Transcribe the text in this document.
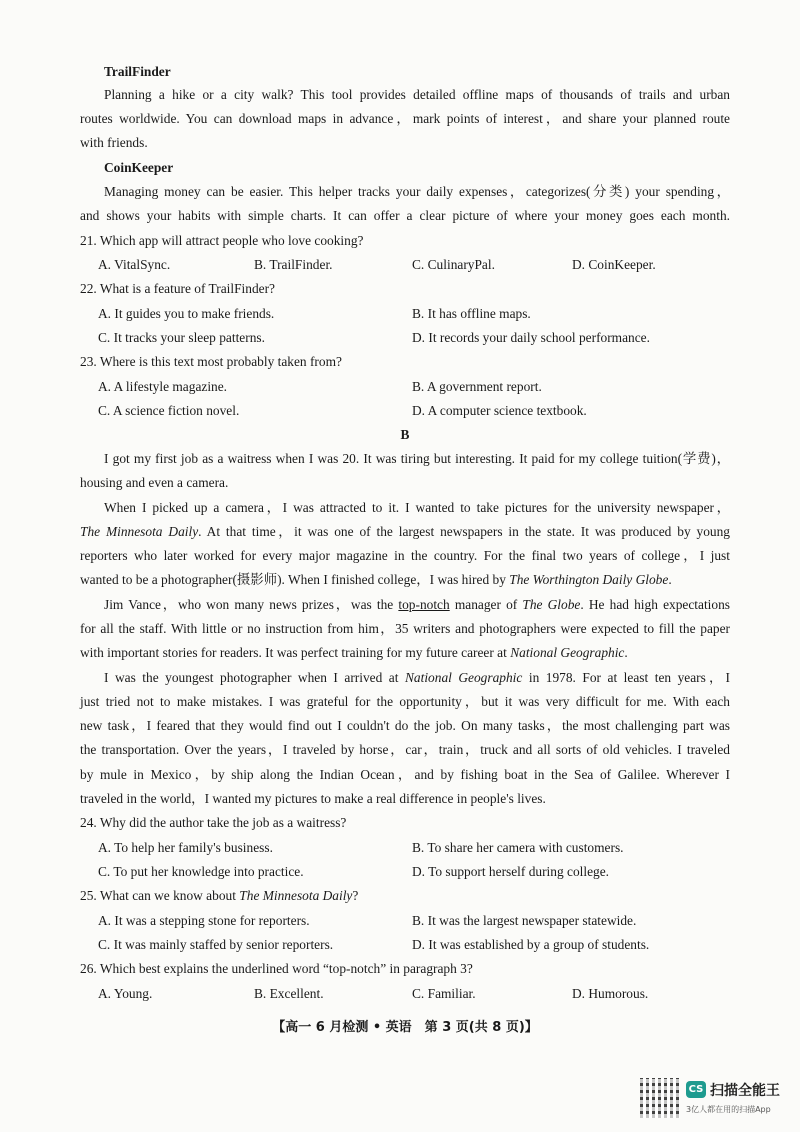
TrailFinder
Planning a hike or a city walk? This tool provides detailed offline maps of thousands of trails and urban
routes worldwide. You can download maps in advance，mark points of interest，and share your planned route
with friends.
CoinKeeper
Managing money can be easier. This helper tracks your daily expenses，categorizes(分类) your spending，
and shows your habits with simple charts. It can offer a clear picture of where your money goes each month.
21. Which app will attract people who love cooking?
A. VitalSync.	B. TrailFinder.	C. CulinaryPal.	D. CoinKeeper.
22. What is a feature of TrailFinder?
A. It guides you to make friends.	B. It has offline maps.
C. It tracks your sleep patterns.	D. It records your daily school performance.
23. Where is this text most probably taken from?
A. A lifestyle magazine.	B. A government report.
C. A science fiction novel.	D. A computer science textbook.
B
I got my first job as a waitress when I was 20. It was tiring but interesting. It paid for my college tuition(学费)，
housing and even a camera.
When I picked up a camera，I was attracted to it. I wanted to take pictures for the university newspaper，
The Minnesota Daily. At that time，it was one of the largest newspapers in the state. It was produced by young
reporters who later worked for every major magazine in the country. For the final two years of college，I just
wanted to be a photographer(摄影师). When I finished college，I was hired by The Worthington Daily Globe.
Jim Vance，who won many news prizes，was the top-notch manager of The Globe. He had high expectations
for all the staff. With little or no instruction from him，35 writers and photographers were expected to fill the paper
with important stories for readers. It was perfect training for my future career at National Geographic.
I was the youngest photographer when I arrived at National Geographic in 1978. For at least ten years，I
just tried not to make mistakes. I was grateful for the opportunity，but it was very difficult for me. With each
new task，I feared that they would find out I couldn't do the job. On many tasks，the most challenging part was
the transportation. Over the years，I traveled by horse，car，train，truck and all sorts of old vehicles. I traveled
by mule in Mexico，by ship along the Indian Ocean，and by fishing boat in the Sea of Galilee. Wherever I
traveled in the world，I wanted my pictures to make a real difference in people's lives.
24. Why did the author take the job as a waitress?
A. To help her family's business.	B. To share her camera with customers.
C. To put her knowledge into practice.	D. To support herself during college.
25. What can we know about The Minnesota Daily?
A. It was a stepping stone for reporters.	B. It was the largest newspaper statewide.
C. It was mainly staffed by senior reporters.	D. It was established by a group of students.
26. Which best explains the underlined word “top-notch” in paragraph 3?
A. Young.	B. Excellent.	C. Familiar.	D. Humorous.
【高一 6 月检测 • 英语　第 3 页(共 8 页)】
CS 扫描全能王
3亿人都在用的扫描App
